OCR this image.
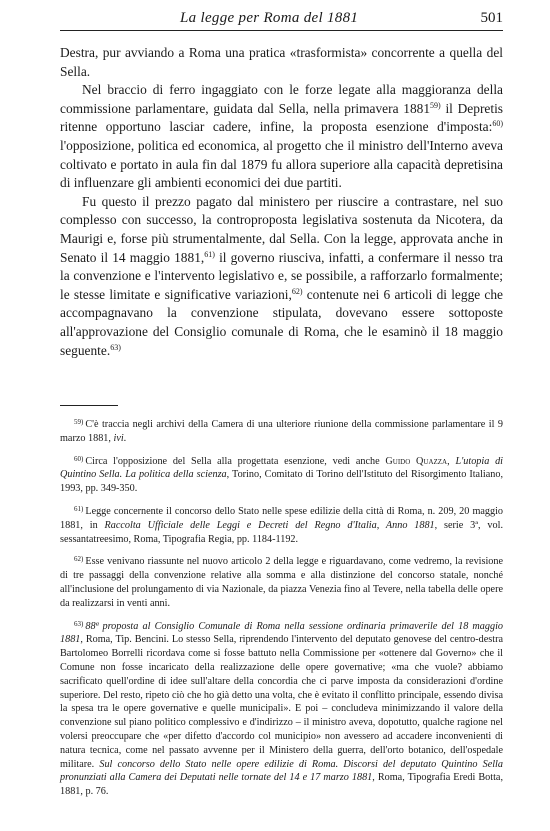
La legge per Roma del 1881	501

Destra, pur avviando a Roma una pratica «trasformista» concorrente a quella del Sella.

Nel braccio di ferro ingaggiato con le forze legate alla maggioranza della commissione parlamentare, guidata dal Sella, nella primavera 1881$^{59)}$ il Depretis ritenne opportuno lasciar cadere, infine, la proposta esenzione d'imposta:$^{60)}$ l'opposizione, politica ed economica, al progetto che il ministro dell'Interno aveva coltivato e portato in aula fin dal 1879 fu allora superiore alla capacità depretisina di influenzare gli ambienti economici dei due partiti.

Fu questo il prezzo pagato dal ministero per riuscire a contrastare, nel suo complesso con successo, la controproposta legislativa sostenuta da Nicotera, da Maurigi e, forse più strumentalmente, dal Sella. Con la legge, approvata anche in Senato il 14 maggio 1881,$^{61)}$ il governo riusciva, infatti, a confermare il nesso tra la convenzione e l'intervento legislativo e, se possibile, a rafforzarlo formalmente; le stesse limitate e significative variazioni,$^{62)}$ contenute nei 6 articoli di legge che accompagnavano la convenzione stipulata, dovevano essere sottoposte all'approvazione del Consiglio comunale di Roma, che le esaminò il 18 maggio seguente.$^{63)}$

$^{59)}$ C'è traccia negli archivi della Camera di una ulteriore riunione della commissione parlamentare il 9 marzo 1881, ivi.

$^{60)}$ Circa l'opposizione del Sella alla progettata esenzione, vedi anche Guido Quazza, L'utopia di Quintino Sella. La politica della scienza, Torino, Comitato di Torino dell'Istituto del Risorgimento Italiano, 1993, pp. 349-350.

$^{61)}$ Legge concernente il concorso dello Stato nelle spese edilizie della città di Roma, n. 209, 20 maggio 1881, in Raccolta Ufficiale delle Leggi e Decreti del Regno d'Italia, Anno 1881, serie 3ª, vol. sessantatreesimo, Roma, Tipografia Regia, pp. 1184-1192.

$^{62)}$ Esse venivano riassunte nel nuovo articolo 2 della legge e riguardavano, come vedremo, la revisione di tre passaggi della convenzione relative alla somma e alla distinzione del concorso statale, nonché all'inclusione del prolungamento di via Nazionale, da piazza Venezia fino al Tevere, nella tabella delle opere da realizzarsi in venti anni.

$^{63)}$ 88ª proposta al Consiglio Comunale di Roma nella sessione ordinaria primaverile del 18 maggio 1881, Roma, Tip. Bencini. Lo stesso Sella, riprendendo l'intervento del deputato genovese del centro-destra Bartolomeo Borrelli ricordava come si fosse battuto nella Commissione per «ottenere dal Governo» che il Comune non fosse incaricato della realizzazione delle opere governative; «ma che vuole? abbiamo sacrificato quell'ordine di idee sull'altare della concordia che ci parve imposta da considerazioni d'ordine superiore. Del resto, ripeto ciò che ho già detto una volta, che è evitato il conflitto principale, essendo divisa la spesa tra le opere governative e quelle municipali». E poi – concludeva minimizzando il valore della convenzione sul piano politico complessivo e d'indirizzo – il ministro aveva, dopotutto, qualche ragione nel volersi preoccupare che «per difetto d'accordo col municipio» non avessero ad accadere inconvenienti di natura tecnica, come nel passato avvenne per il Ministero della guerra, dell'orto botanico, dell'ospedale militare. Sul concorso dello Stato nelle opere edilizie di Roma. Discorsi del deputato Quintino Sella pronunziati alla Camera dei Deputati nelle tornate del 14 e 17 marzo 1881, Roma, Tipografia Eredi Botta, 1881, p. 76.
